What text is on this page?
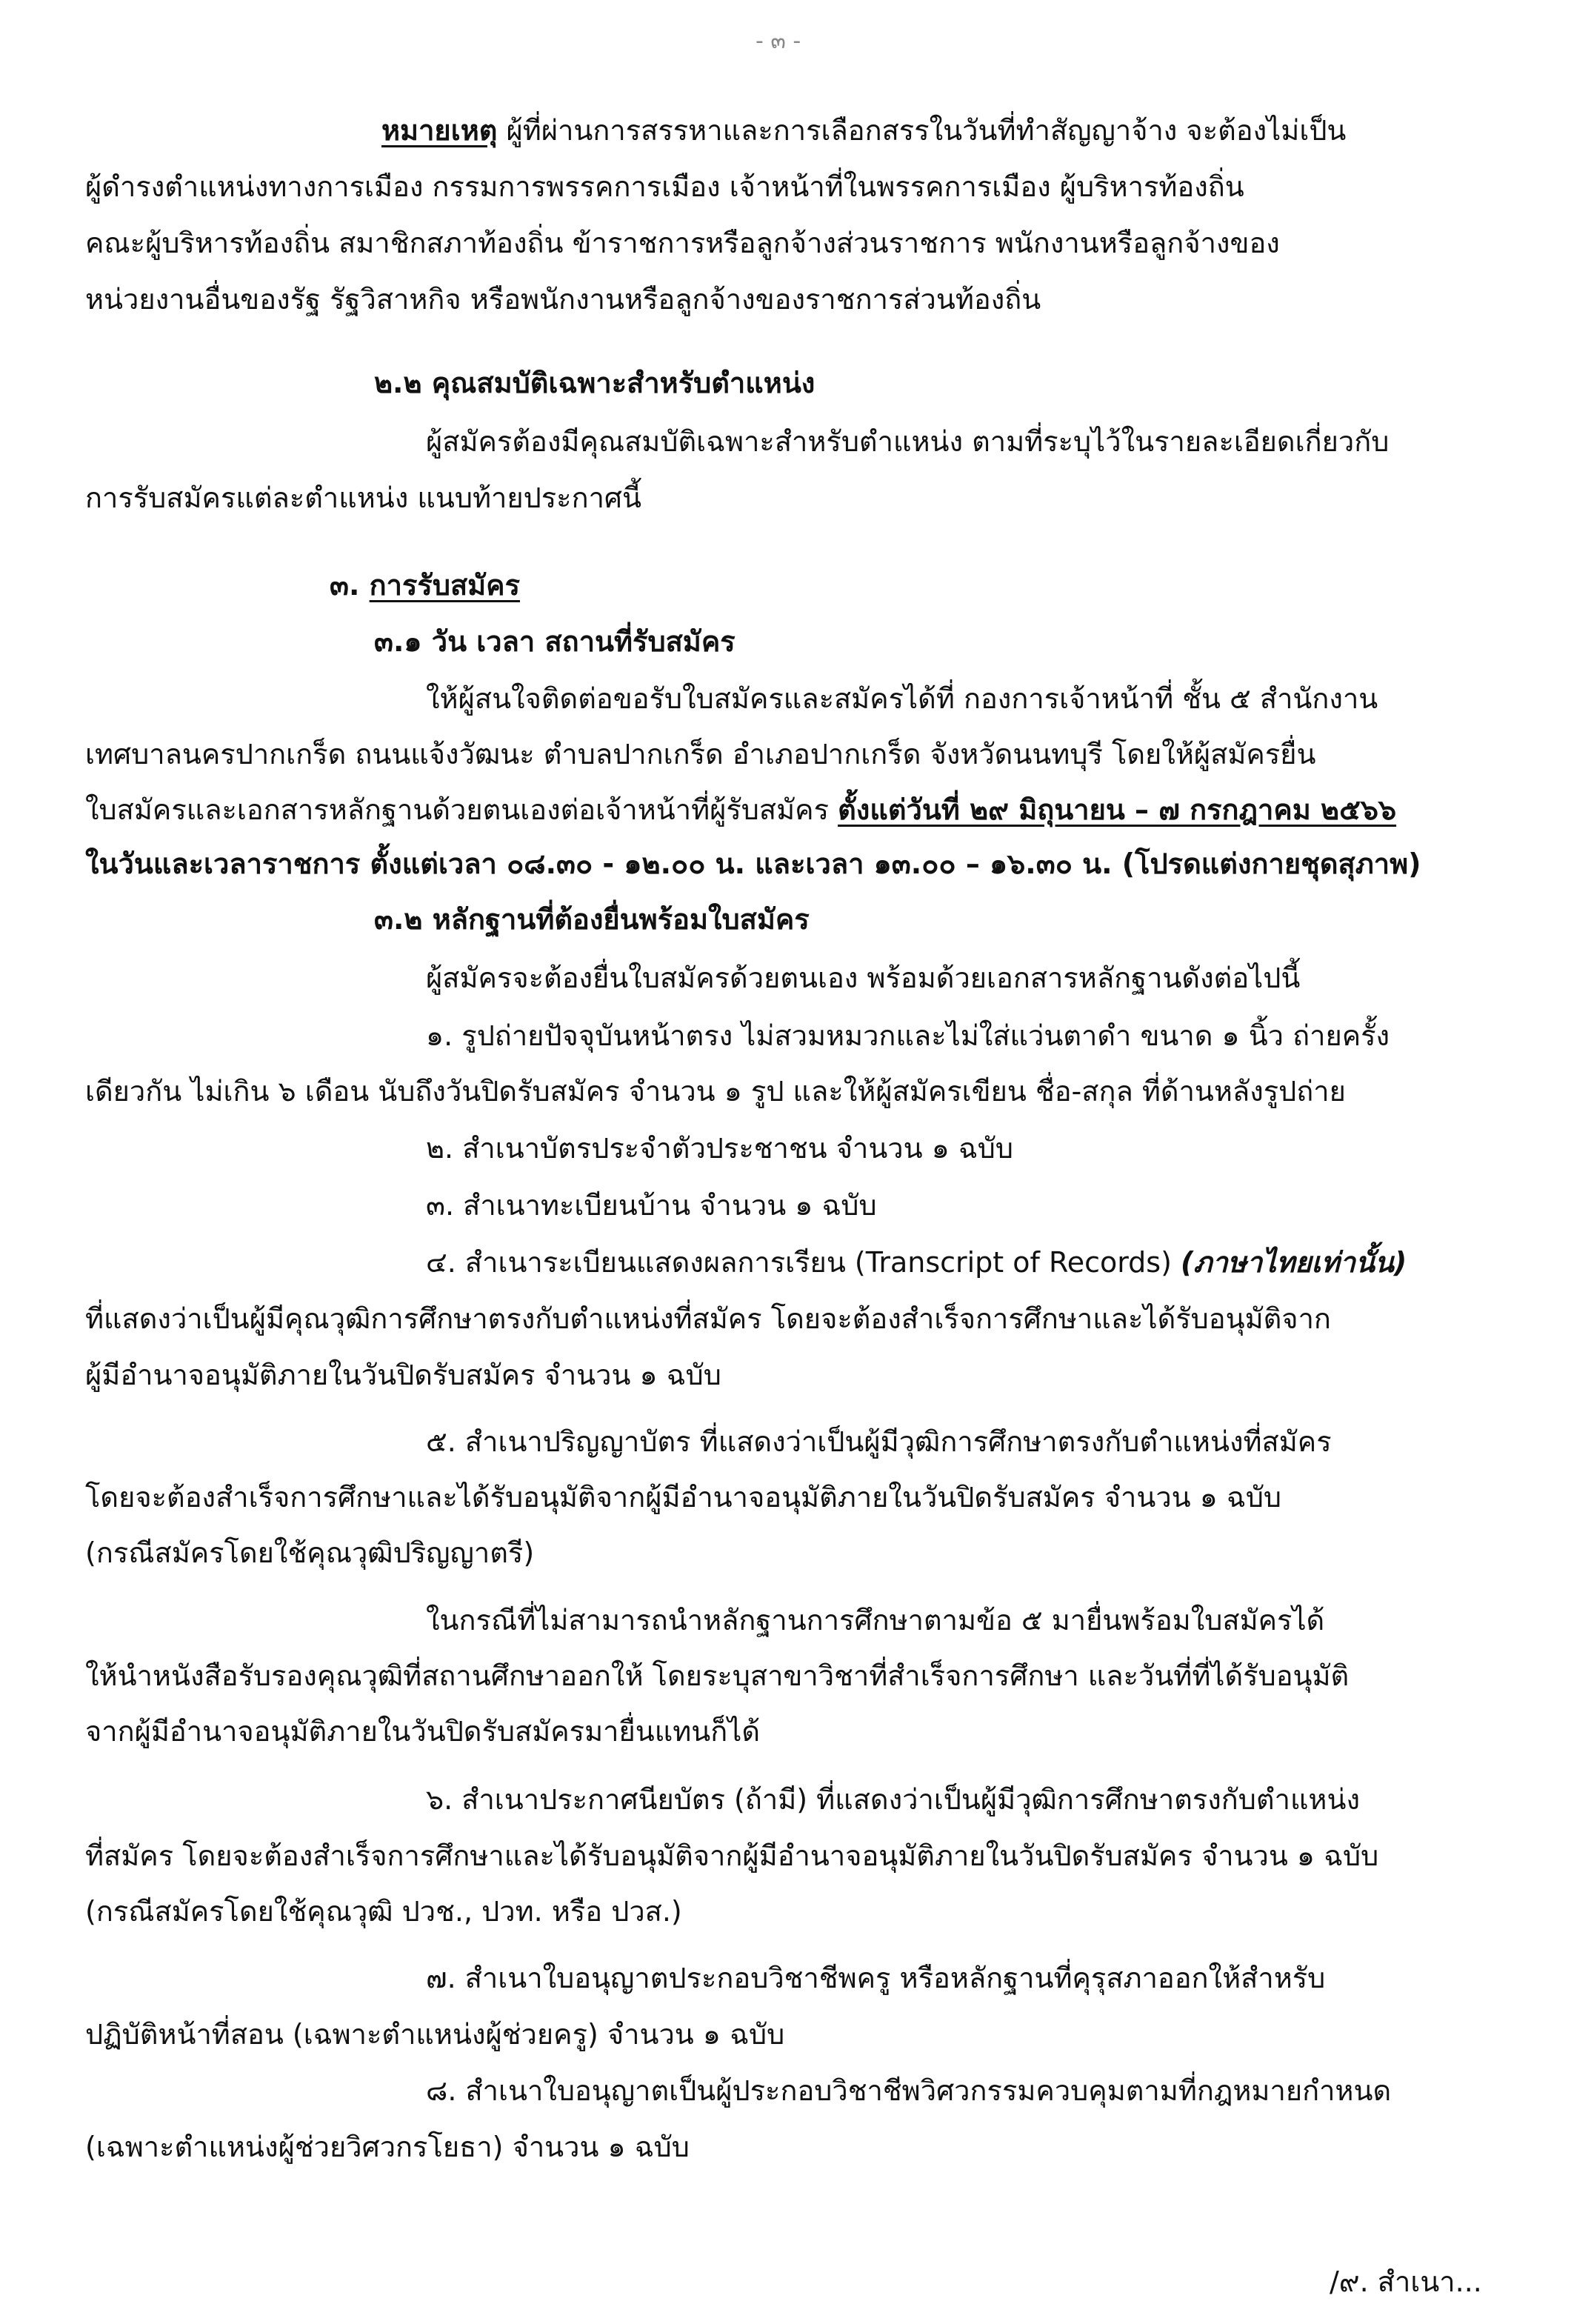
- ๓ -
หมายเหตุ ผู้ที่ผ่านการสรรหาและการเลือกสรรในวันที่ทำสัญญาจ้าง จะต้องไม่เป็น
ผู้ดำรงตำแหน่งทางการเมือง กรรมการพรรคการเมือง เจ้าหน้าที่ในพรรคการเมือง ผู้บริหารท้องถิ่น
คณะผู้บริหารท้องถิ่น สมาชิกสภาท้องถิ่น ข้าราชการหรือลูกจ้างส่วนราชการ พนักงานหรือลูกจ้างของ
หน่วยงานอื่นของรัฐ รัฐวิสาหกิจ หรือพนักงานหรือลูกจ้างของราชการส่วนท้องถิ่น
๒.๒ คุณสมบัติเฉพาะสำหรับตำแหน่ง
ผู้สมัครต้องมีคุณสมบัติเฉพาะสำหรับตำแหน่ง ตามที่ระบุไว้ในรายละเอียดเกี่ยวกับ
การรับสมัครแต่ละตำแหน่ง แนบท้ายประกาศนี้
๓. การรับสมัคร
๓.๑ วัน เวลา สถานที่รับสมัคร
ให้ผู้สนใจติดต่อขอรับใบสมัครและสมัครได้ที่ กองการเจ้าหน้าที่ ชั้น ๕ สำนักงาน
เทศบาลนครปากเกร็ด ถนนแจ้งวัฒนะ ตำบลปากเกร็ด อำเภอปากเกร็ด จังหวัดนนทบุรี โดยให้ผู้สมัครยื่น
ใบสมัครและเอกสารหลักฐานด้วยตนเองต่อเจ้าหน้าที่ผู้รับสมัคร ตั้งแต่วันที่ ๒๙ มิถุนายน – ๗ กรกฎาคม ๒๕๖๖
ในวันและเวลาราชการ ตั้งแต่เวลา ๐๘.๓๐ - ๑๒.๐๐ น. และเวลา ๑๓.๐๐ – ๑๖.๓๐ น. (โปรดแต่งกายชุดสุภาพ)
๓.๒ หลักฐานที่ต้องยื่นพร้อมใบสมัคร
ผู้สมัครจะต้องยื่นใบสมัครด้วยตนเอง พร้อมด้วยเอกสารหลักฐานดังต่อไปนี้
๑. รูปถ่ายปัจจุบันหน้าตรง ไม่สวมหมวกและไม่ใส่แว่นตาดำ ขนาด ๑ นิ้ว ถ่ายครั้ง
เดียวกัน ไม่เกิน ๖ เดือน นับถึงวันปิดรับสมัคร จำนวน ๑ รูป และให้ผู้สมัครเขียน ชื่อ-สกุล ที่ด้านหลังรูปถ่าย
๒. สำเนาบัตรประจำตัวประชาชน จำนวน ๑ ฉบับ
๓. สำเนาทะเบียนบ้าน จำนวน ๑ ฉบับ
๔. สำเนาระเบียนแสดงผลการเรียน (Transcript of Records) (ภาษาไทยเท่านั้น)
ที่แสดงว่าเป็นผู้มีคุณวุฒิการศึกษาตรงกับตำแหน่งที่สมัคร โดยจะต้องสำเร็จการศึกษาและได้รับอนุมัติจาก
ผู้มีอำนาจอนุมัติภายในวันปิดรับสมัคร จำนวน ๑ ฉบับ
๕. สำเนาปริญญาบัตร ที่แสดงว่าเป็นผู้มีวุฒิการศึกษาตรงกับตำแหน่งที่สมัคร
โดยจะต้องสำเร็จการศึกษาและได้รับอนุมัติจากผู้มีอำนาจอนุมัติภายในวันปิดรับสมัคร จำนวน ๑ ฉบับ
(กรณีสมัครโดยใช้คุณวุฒิปริญญาตรี)
ในกรณีที่ไม่สามารถนำหลักฐานการศึกษาตามข้อ ๕ มายื่นพร้อมใบสมัครได้
ให้นำหนังสือรับรองคุณวุฒิที่สถานศึกษาออกให้ โดยระบุสาขาวิชาที่สำเร็จการศึกษา และวันที่ที่ได้รับอนุมัติ
จากผู้มีอำนาจอนุมัติภายในวันปิดรับสมัครมายื่นแทนก็ได้
๖. สำเนาประกาศนียบัตร (ถ้ามี) ที่แสดงว่าเป็นผู้มีวุฒิการศึกษาตรงกับตำแหน่ง
ที่สมัคร โดยจะต้องสำเร็จการศึกษาและได้รับอนุมัติจากผู้มีอำนาจอนุมัติภายในวันปิดรับสมัคร จำนวน ๑ ฉบับ
(กรณีสมัครโดยใช้คุณวุฒิ ปวช., ปวท. หรือ ปวส.)
๗. สำเนาใบอนุญาตประกอบวิชาชีพครู หรือหลักฐานที่คุรุสภาออกให้สำหรับ
ปฏิบัติหน้าที่สอน (เฉพาะตำแหน่งผู้ช่วยครู) จำนวน ๑ ฉบับ
๘. สำเนาใบอนุญาตเป็นผู้ประกอบวิชาชีพวิศวกรรมควบคุมตามที่กฎหมายกำหนด
(เฉพาะตำแหน่งผู้ช่วยวิศวกรโยธา) จำนวน ๑ ฉบับ
/๙. สำเนา...
